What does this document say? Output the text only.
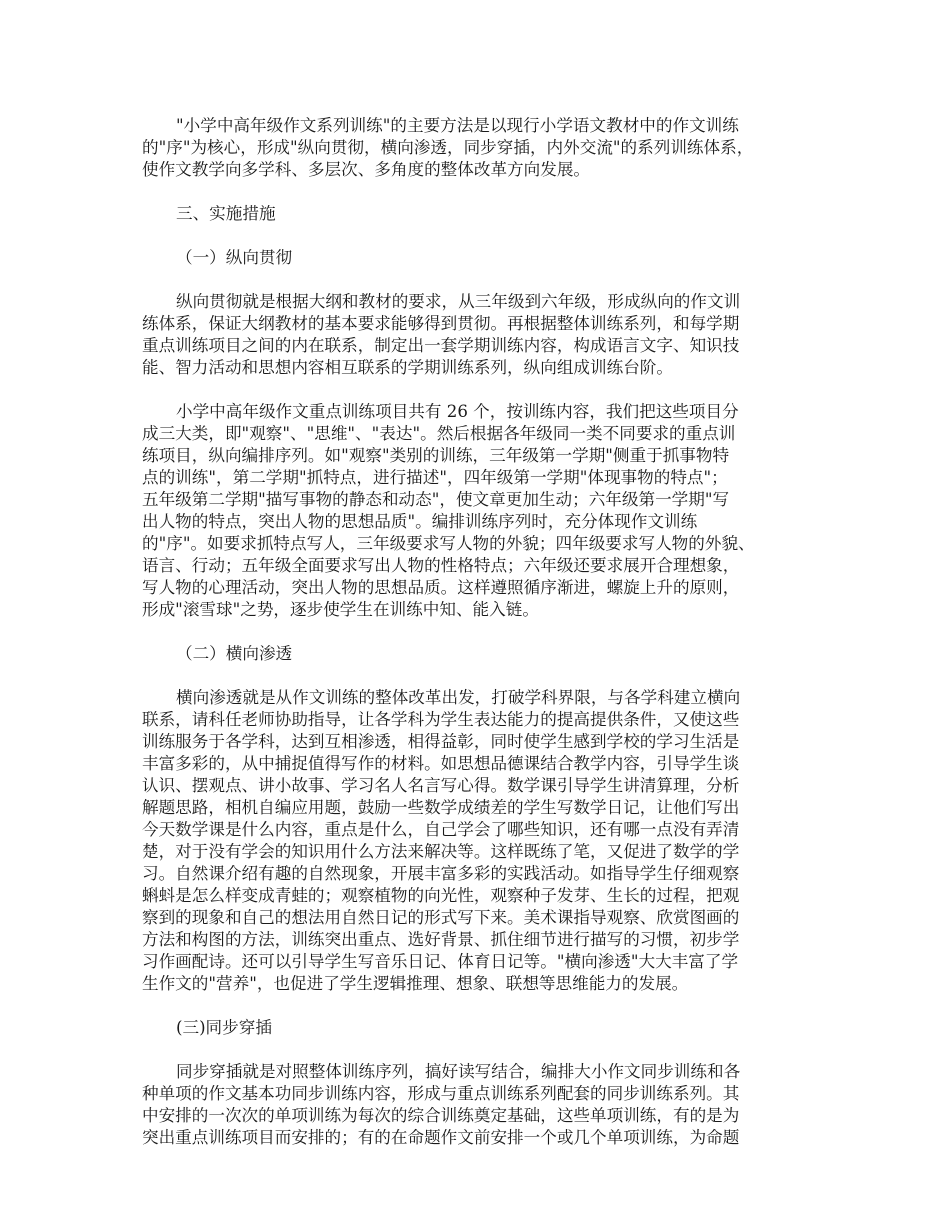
"小学中高年级作文系列训练"的主要方法是以现行小学语文教材中的作文训练
的"序"为核心，形成"纵向贯彻，横向渗透，同步穿插，内外交流"的系列训练体系，
使作文教学向多学科、多层次、多角度的整体改革方向发展。
三、实施措施
（一）纵向贯彻
纵向贯彻就是根据大纲和教材的要求，从三年级到六年级，形成纵向的作文训
练体系，保证大纲教材的基本要求能够得到贯彻。再根据整体训练系列，和每学期
重点训练项目之间的内在联系，制定出一套学期训练内容，构成语言文字、知识技
能、智力活动和思想内容相互联系的学期训练系列，纵向组成训练台阶。
小学中高年级作文重点训练项目共有 26 个，按训练内容，我们把这些项目分
成三大类，即"观察"、"思维"、"表达"。然后根据各年级同一类不同要求的重点训
练项目，纵向编排序列。如"观察"类别的训练，三年级第一学期"侧重于抓事物特
点的训练"，第二学期"抓特点，进行描述"，四年级第一学期"体现事物的特点"；
五年级第二学期"描写事物的静态和动态"，使文章更加生动；六年级第一学期"写
出人物的特点，突出人物的思想品质"。编排训练序列时，充分体现作文训练
的"序"。如要求抓特点写人，三年级要求写人物的外貌；四年级要求写人物的外貌、
语言、行动；五年级全面要求写出人物的性格特点；六年级还要求展开合理想象，
写人物的心理活动，突出人物的思想品质。这样遵照循序渐进，螺旋上升的原则，
形成"滚雪球"之势，逐步使学生在训练中知、能入链。
（二）横向渗透
横向渗透就是从作文训练的整体改革出发，打破学科界限，与各学科建立横向
联系，请科任老师协助指导，让各学科为学生表达能力的提高提供条件，又使这些
训练服务于各学科，达到互相渗透，相得益彰，同时使学生感到学校的学习生活是
丰富多彩的，从中捕捉值得写作的材料。如思想品德课结合教学内容，引导学生谈
认识、摆观点、讲小故事、学习名人名言写心得。数学课引导学生讲清算理，分析
解题思路，相机自编应用题，鼓励一些数学成绩差的学生写数学日记，让他们写出
今天数学课是什么内容，重点是什么，自己学会了哪些知识，还有哪一点没有弄清
楚，对于没有学会的知识用什么方法来解决等。这样既练了笔，又促进了数学的学
习。自然课介绍有趣的自然现象，开展丰富多彩的实践活动。如指导学生仔细观察
蝌蚪是怎么样变成青蛙的；观察植物的向光性，观察种子发芽、生长的过程，把观
察到的现象和自己的想法用自然日记的形式写下来。美术课指导观察、欣赏图画的
方法和构图的方法，训练突出重点、选好背景、抓住细节进行描写的习惯，初步学
习作画配诗。还可以引导学生写音乐日记、体育日记等。"横向渗透"大大丰富了学
生作文的"营养"，也促进了学生逻辑推理、想象、联想等思维能力的发展。
(三)同步穿插
同步穿插就是对照整体训练序列，搞好读写结合，编排大小作文同步训练和各
种单项的作文基本功同步训练内容，形成与重点训练系列配套的同步训练系列。其
中安排的一次次的单项训练为每次的综合训练奠定基础，这些单项训练，有的是为
突出重点训练项目而安排的；有的在命题作文前安排一个或几个单项训练，为命题
